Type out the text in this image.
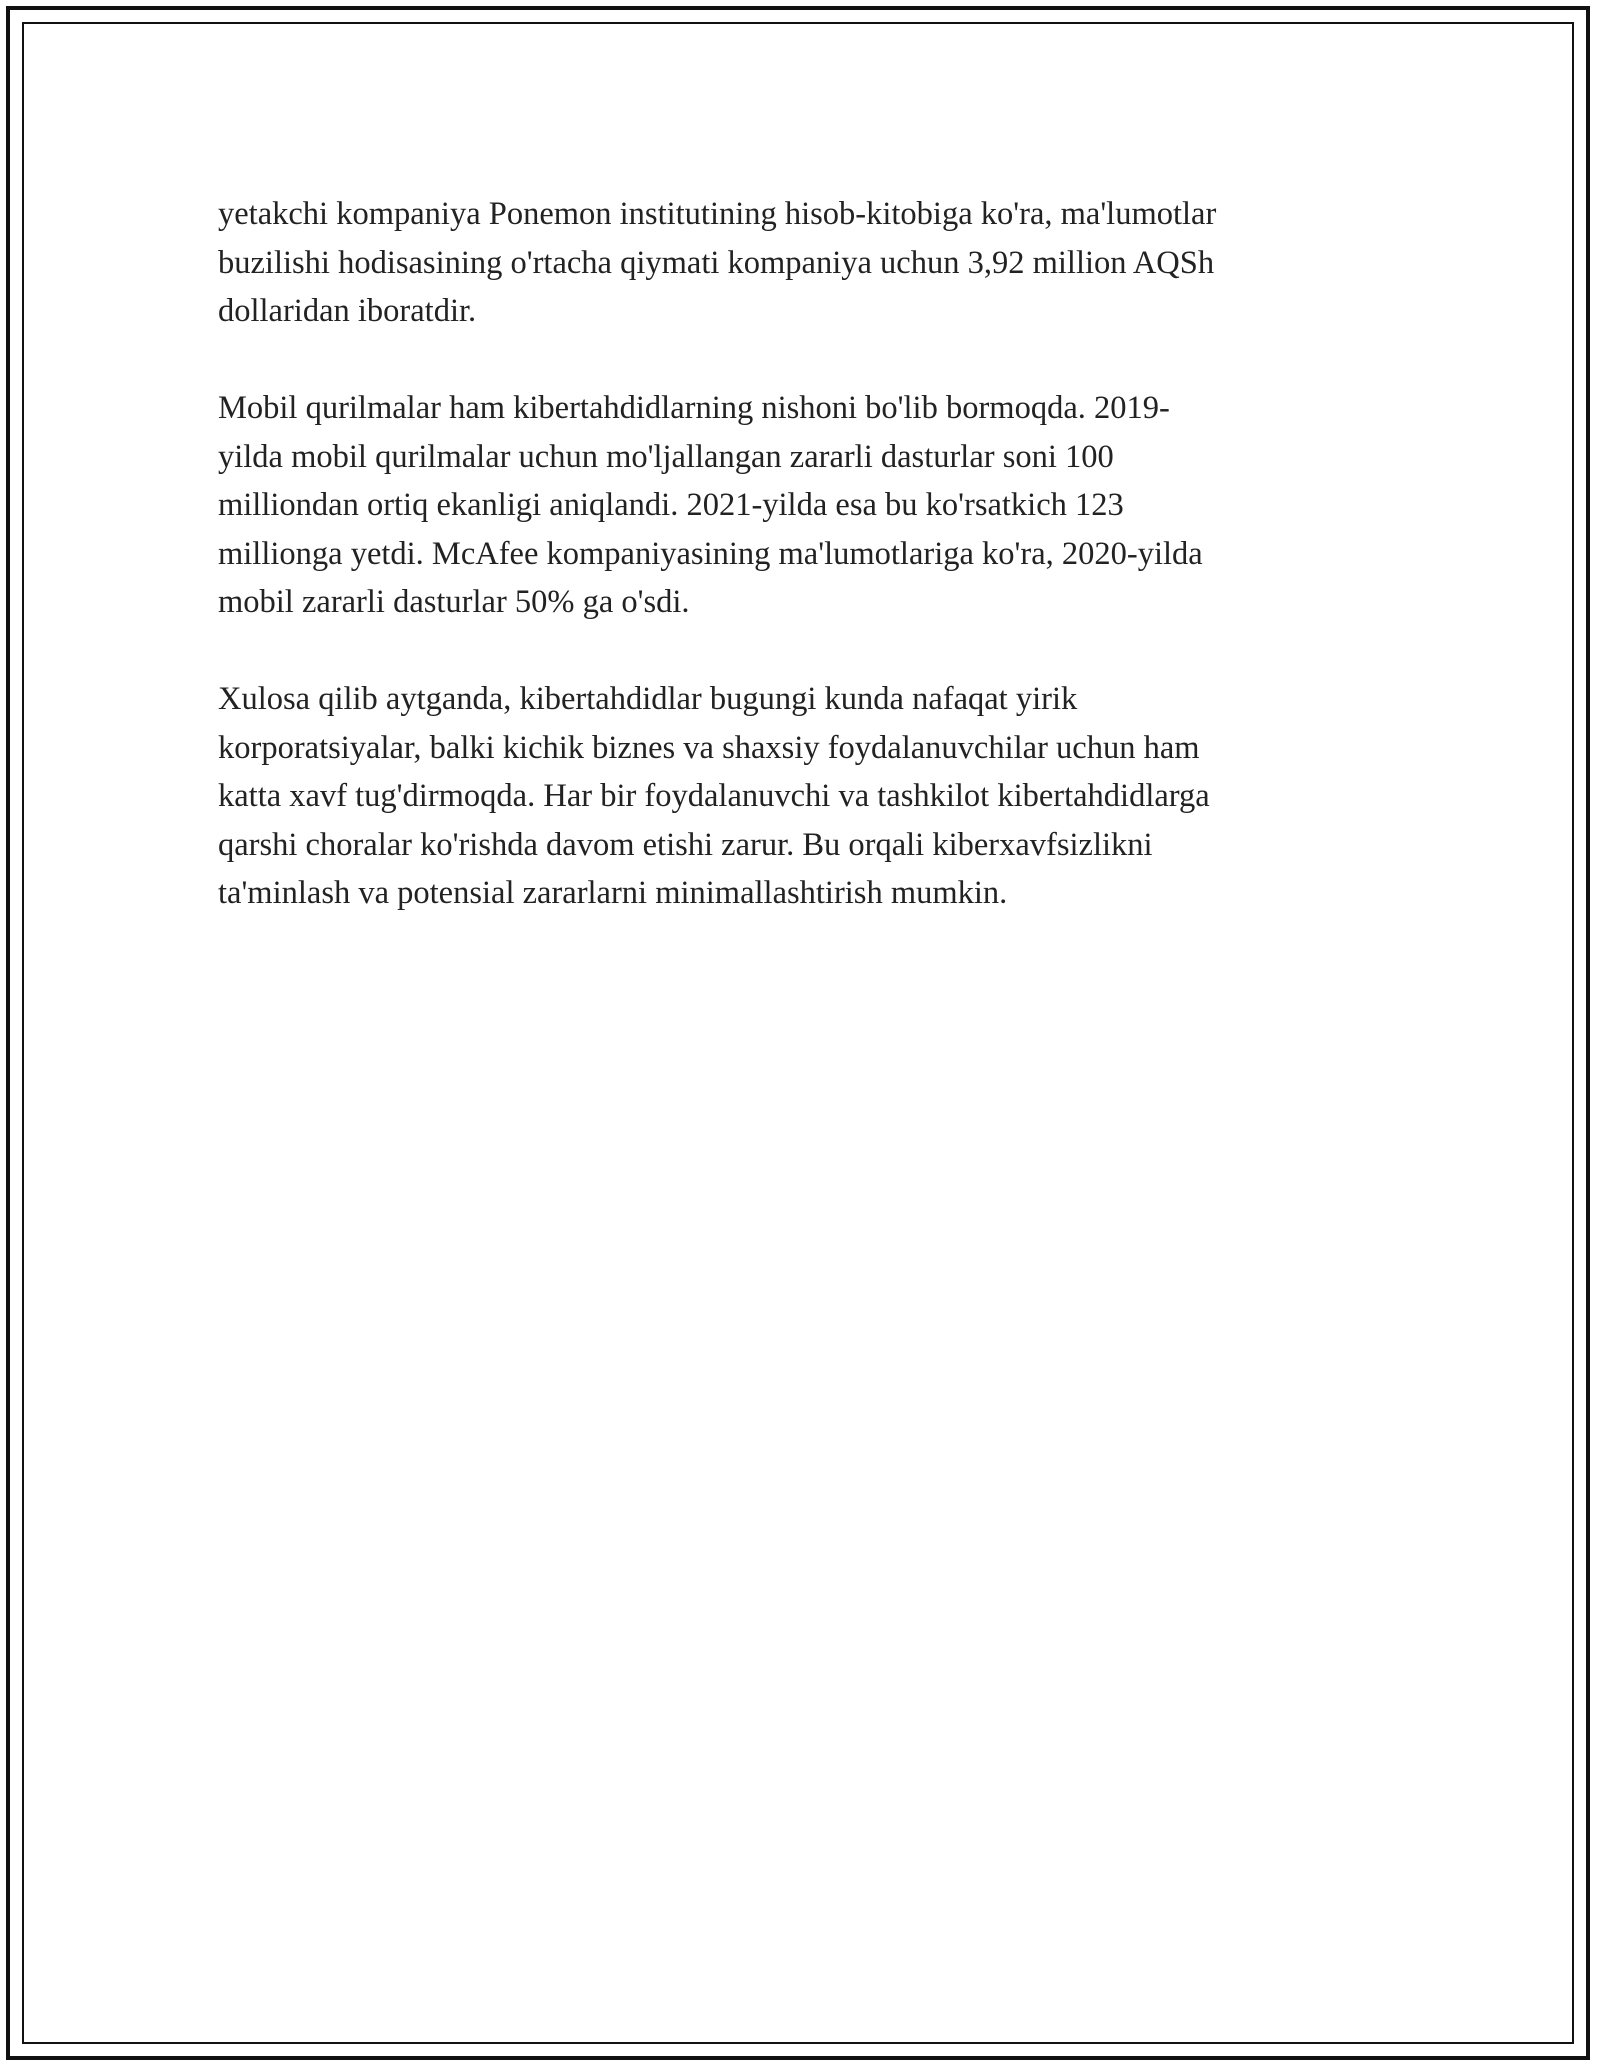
yetakchi kompaniya Ponemon institutining hisob-kitobiga ko'ra, ma'lumotlar
buzilishi hodisasining o'rtacha qiymati kompaniya uchun 3,92 million AQSh
dollaridan iboratdir.

Mobil qurilmalar ham kibertahdidlarning nishoni bo'lib bormoqda. 2019-
yilda mobil qurilmalar uchun mo'ljallangan zararli dasturlar soni 100
milliondan ortiq ekanligi aniqlandi. 2021-yilda esa bu ko'rsatkich 123
millionga yetdi. McAfee kompaniyasining ma'lumotlariga ko'ra, 2020-yilda
mobil zararli dasturlar 50% ga o'sdi.

Xulosa qilib aytganda, kibertahdidlar bugungi kunda nafaqat yirik
korporatsiyalar, balki kichik biznes va shaxsiy foydalanuvchilar uchun ham
katta xavf tug'dirmoqda. Har bir foydalanuvchi va tashkilot kibertahdidlarga
qarshi choralar ko'rishda davom etishi zarur. Bu orqali kiberxavfsizlikni
ta'minlash va potensial zararlarni minimallashtirish mumkin.
